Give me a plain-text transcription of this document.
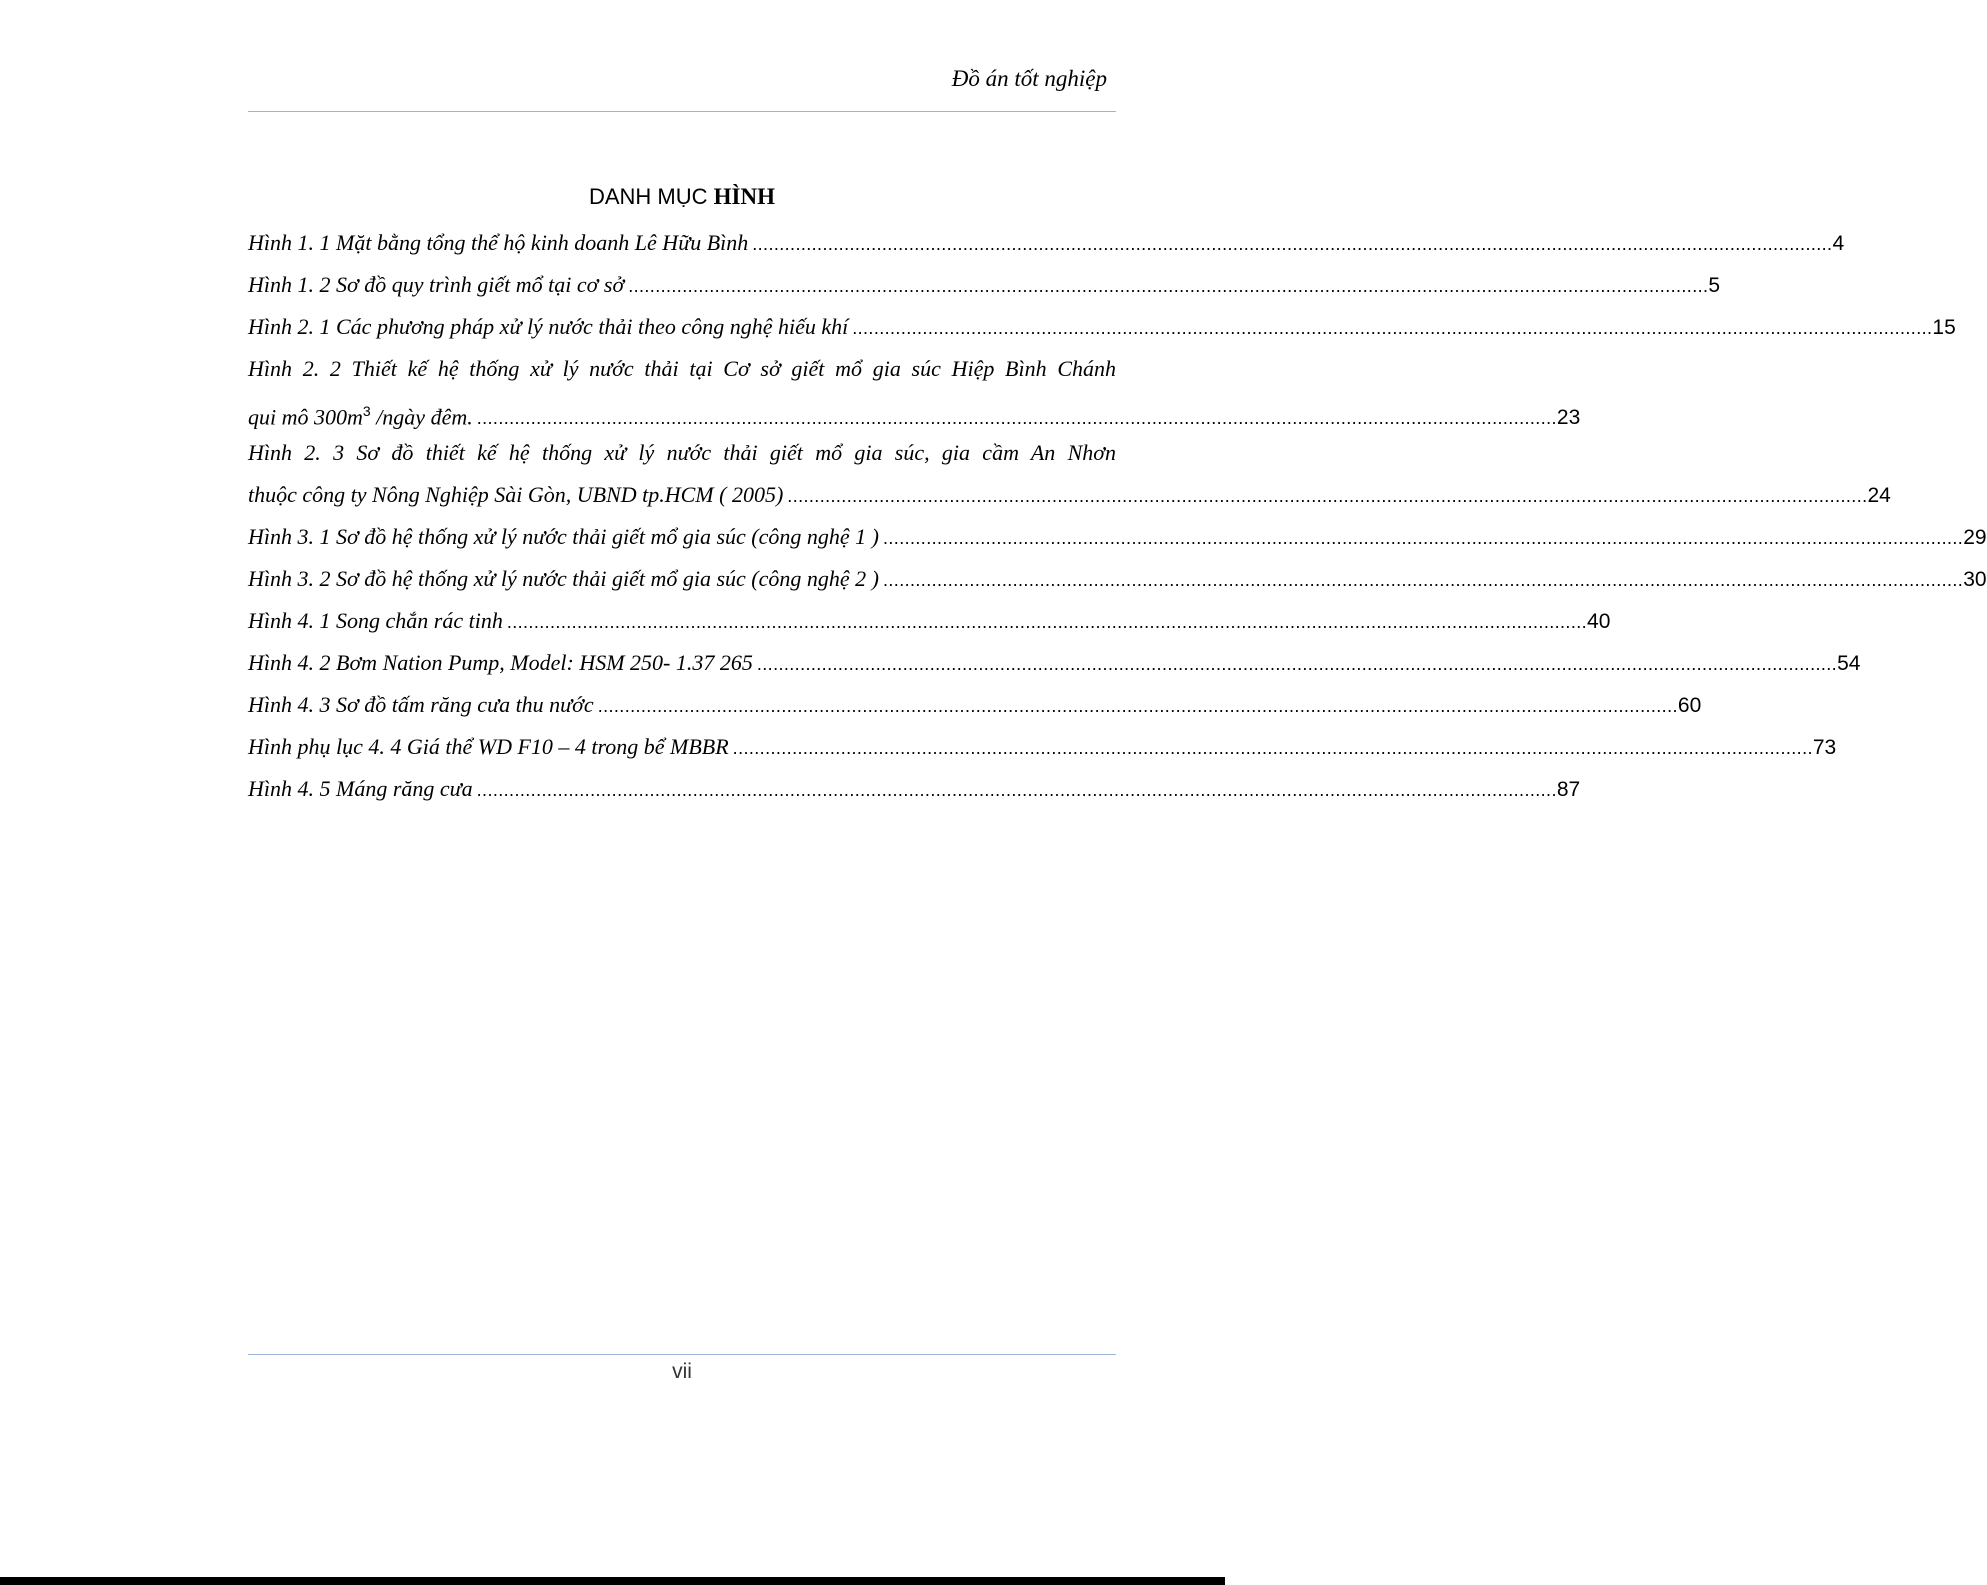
Đồ án tốt nghiệp
DANH MỤC HÌNH
Hình 1. 1 Mặt bằng tổng thể hộ kinh doanh Lê Hữu Bình ........................................................................................................................................................................................................ 4
Hình 1. 2 Sơ đồ quy trình giết mổ tại cơ sở ........................................................................................................................................................................................................ 5
Hình 2. 1 Các phương pháp xử lý nước thải theo công nghệ hiếu khí ........................................................................................................................................................................................................ 15
Hình 2. 2 Thiết kế hệ thống xử lý nước thải tại Cơ sở giết mổ gia súc Hiệp Bình Chánh
qui mô $300m^3$ /ngày đêm. ........................................................................................................................................................................................................ 23
Hình 2. 3 Sơ đồ thiết kế hệ thống xử lý nước thải giết mổ gia súc, gia cầm An Nhơn
thuộc công ty Nông Nghiệp Sài Gòn, UBND tp.HCM ( 2005) ........................................................................................................................................................................................................ 24
Hình 3. 1 Sơ đồ hệ thống xử lý nước thải giết mổ gia súc (công nghệ 1 ) ........................................................................................................................................................................................................ 29
Hình 3. 2 Sơ đồ hệ thống xử lý nước thải giết mổ gia súc (công nghệ 2 ) ........................................................................................................................................................................................................ 30
Hình 4. 1 Song chắn rác tinh ........................................................................................................................................................................................................ 40
Hình 4. 2 Bơm Nation Pump, Model: HSM 250- 1.37 265 ........................................................................................................................................................................................................ 54
Hình 4. 3 Sơ đồ tấm răng cưa thu nước ........................................................................................................................................................................................................ 60
Hình phụ lục 4. 4 Giá thể WD F10 – 4 trong bể MBBR ........................................................................................................................................................................................................ 73
Hình 4. 5 Máng răng cưa ........................................................................................................................................................................................................ 87
vii
